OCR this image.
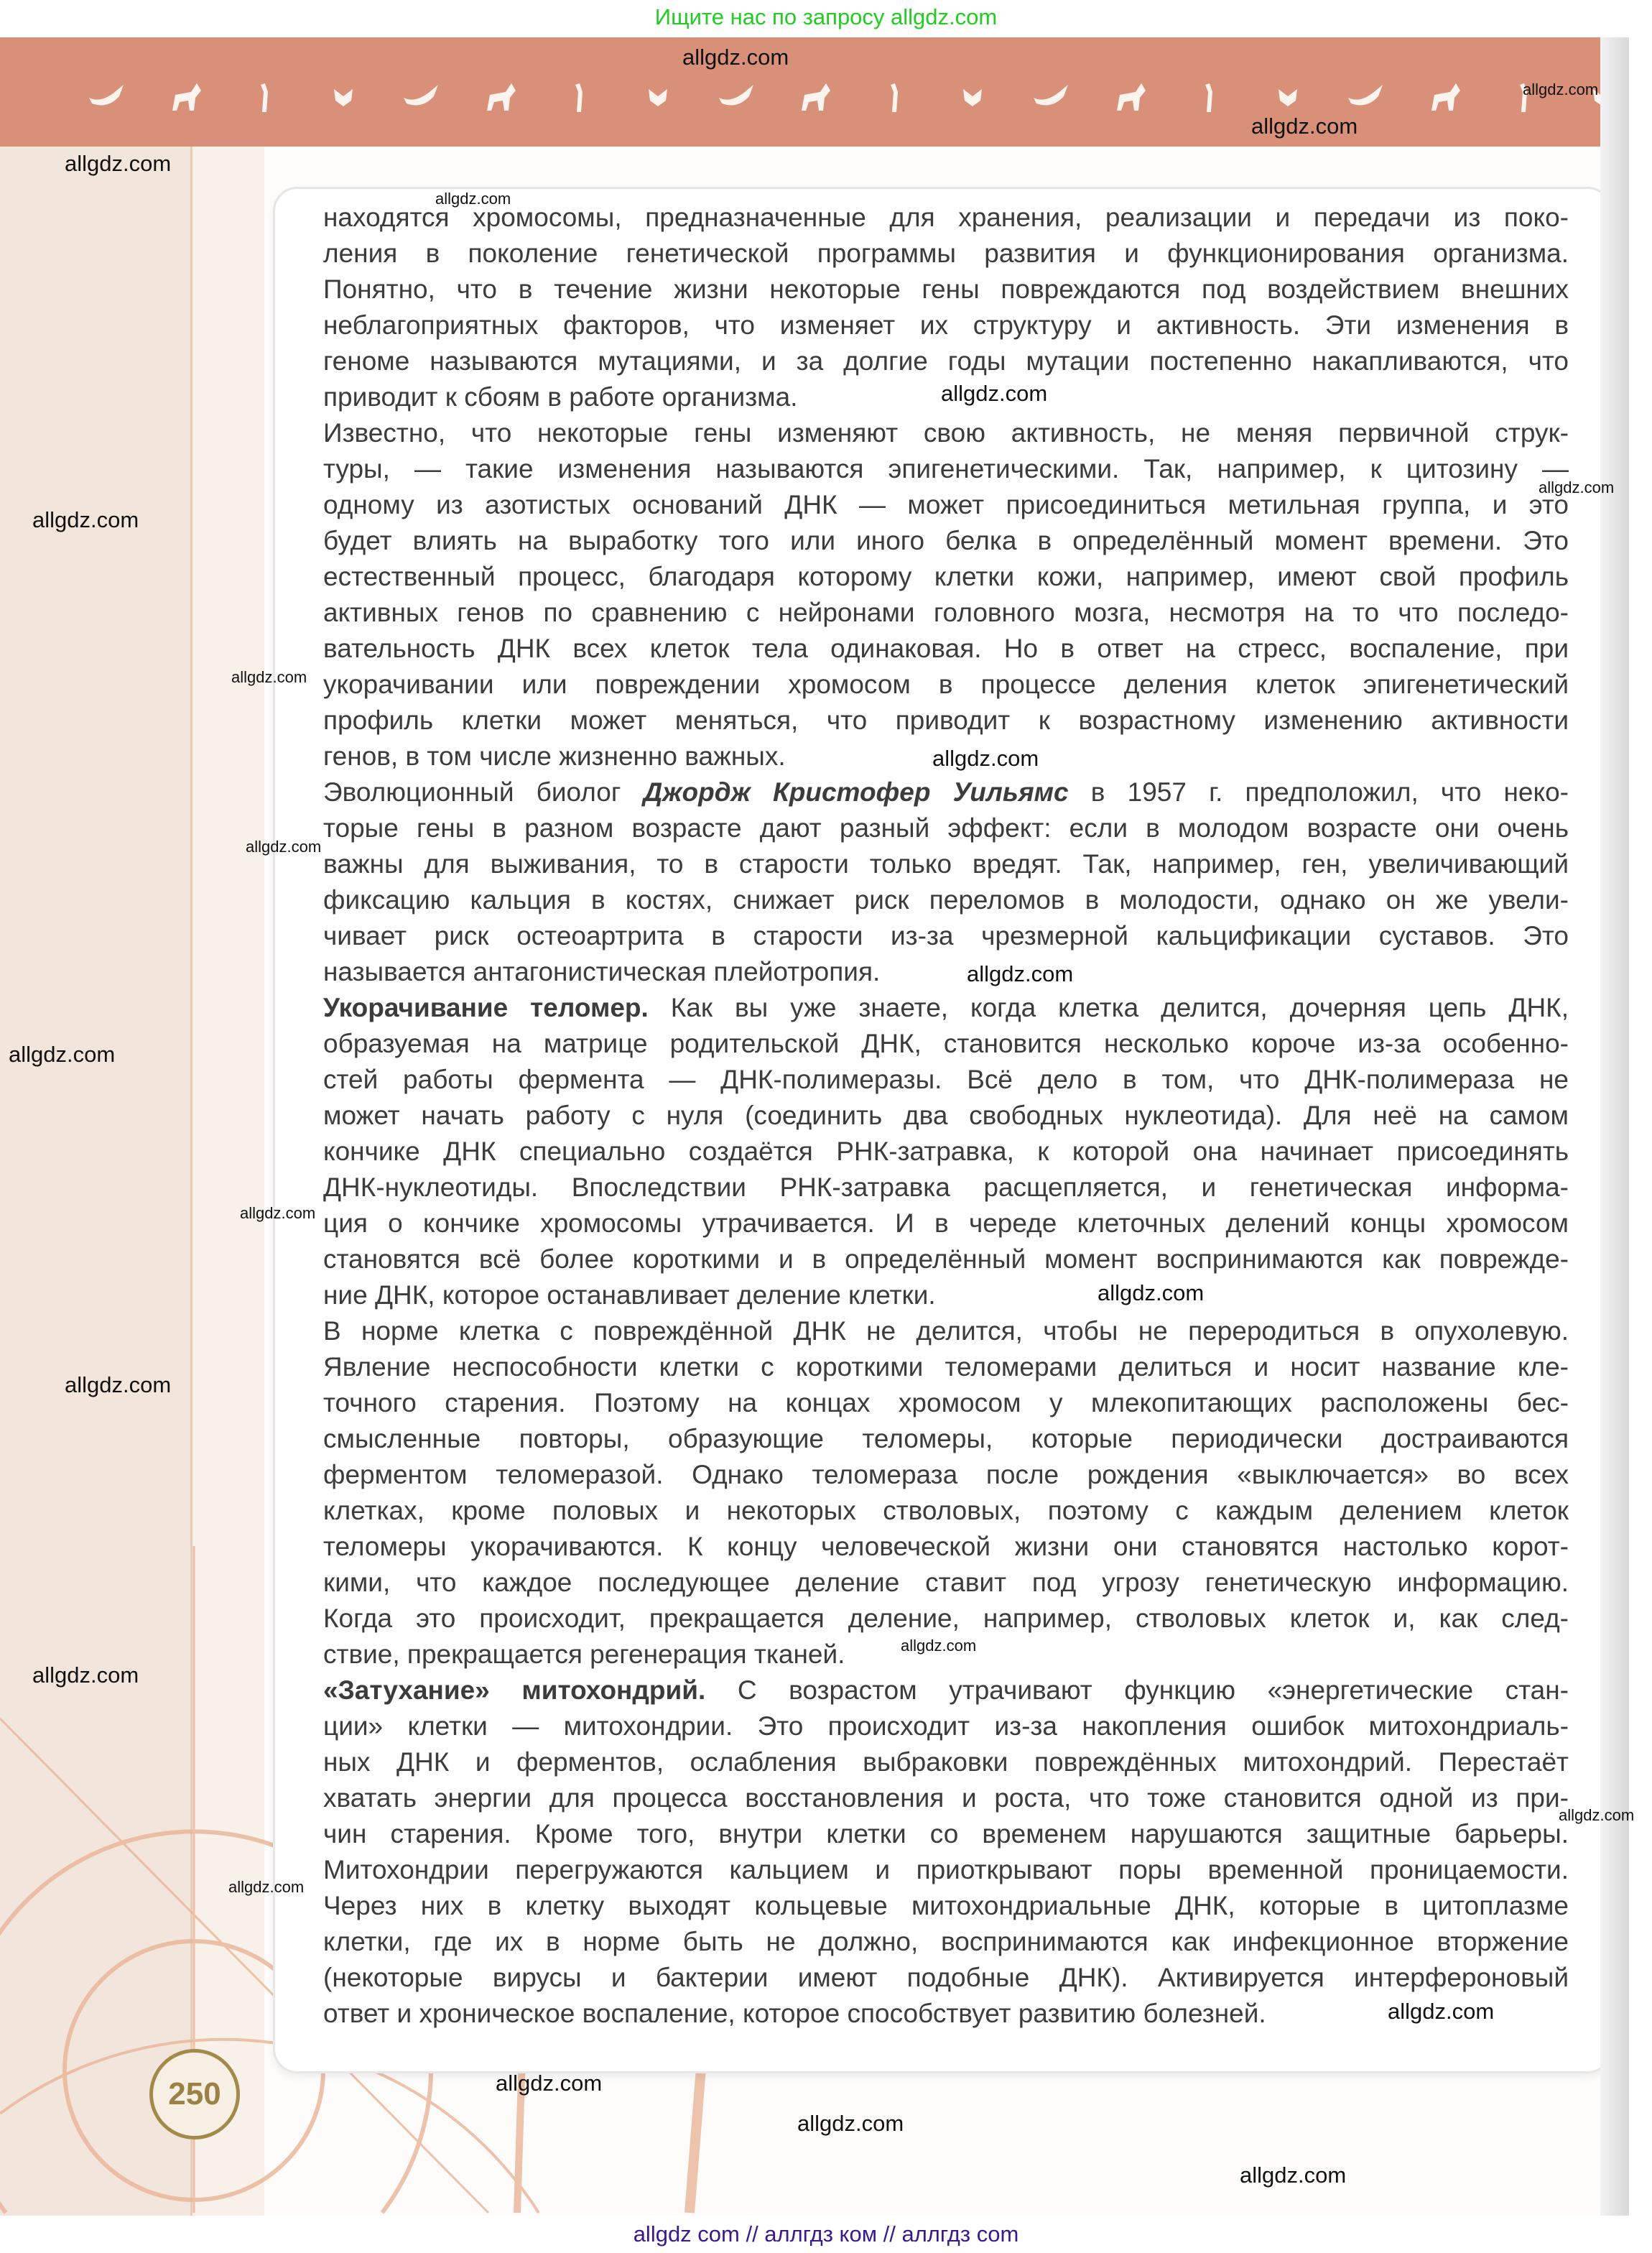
Ищите нас по запросу allgdz.com
находятся хромосомы, предназначенные для хранения, реализации и передачи из поко-
ления в поколение генетической программы развития и функционирования организма.
Понятно, что в течение жизни некоторые гены повреждаются под воздействием внешних
неблагоприятных факторов, что изменяет их структуру и активность. Эти изменения в
геноме называются мутациями, и за долгие годы мутации постепенно накапливаются, что
приводит к сбоям в работе организма.
Известно, что некоторые гены изменяют свою активность, не меняя первичной струк-
туры, — такие изменения называются эпигенетическими. Так, например, к цитозину —
одному из азотистых оснований ДНК — может присоединиться метильная группа, и это
будет влиять на выработку того или иного белка в определённый момент времени. Это
естественный процесс, благодаря которому клетки кожи, например, имеют свой профиль
активных генов по сравнению с нейронами головного мозга, несмотря на то что последо-
вательность ДНК всех клеток тела одинаковая. Но в ответ на стресс, воспаление, при
укорачивании или повреждении хромосом в процессе деления клеток эпигенетический
профиль клетки может меняться, что приводит к возрастному изменению активности
генов, в том числе жизненно важных.
Эволюционный биолог Джордж Кристофер Уильямс в 1957 г. предположил, что неко-
торые гены в разном возрасте дают разный эффект: если в молодом возрасте они очень
важны для выживания, то в старости только вредят. Так, например, ген, увеличивающий
фиксацию кальция в костях, снижает риск переломов в молодости, однако он же увели-
чивает риск остеоартрита в старости из-за чрезмерной кальцификации суставов. Это
называется антагонистическая плейотропия.
Укорачивание теломер. Как вы уже знаете, когда клетка делится, дочерняя цепь ДНК,
образуемая на матрице родительской ДНК, становится несколько короче из-за особенно-
стей работы фермента — ДНК-полимеразы. Всё дело в том, что ДНК-полимераза не
может начать работу с нуля (соединить два свободных нуклеотида). Для неё на самом
кончике ДНК специально создаётся РНК-затравка, к которой она начинает присоединять
ДНК-нуклеотиды. Впоследствии РНК-затравка расщепляется, и генетическая информа-
ция о кончике хромосомы утрачивается. И в череде клеточных делений концы хромосом
становятся всё более короткими и в определённый момент воспринимаются как поврежде-
ние ДНК, которое останавливает деление клетки.
В норме клетка с повреждённой ДНК не делится, чтобы не переродиться в опухолевую.
Явление неспособности клетки с короткими теломерами делиться и носит название кле-
точного старения. Поэтому на концах хромосом у млекопитающих расположены бес-
смысленные повторы, образующие теломеры, которые периодически достраиваются
ферментом теломеразой. Однако теломераза после рождения «выключается» во всех
клетках, кроме половых и некоторых стволовых, поэтому с каждым делением клеток
теломеры укорачиваются. К концу человеческой жизни они становятся настолько корот-
кими, что каждое последующее деление ставит под угрозу генетическую информацию.
Когда это происходит, прекращается деление, например, стволовых клеток и, как след-
ствие, прекращается регенерация тканей.
«Затухание» митохондрий. С возрастом утрачивают функцию «энергетические стан-
ции» клетки — митохондрии. Это происходит из-за накопления ошибок митохондриаль-
ных ДНК и ферментов, ослабления выбраковки повреждённых митохондрий. Перестаёт
хватать энергии для процесса восстановления и роста, что тоже становится одной из при-
чин старения. Кроме того, внутри клетки со временем нарушаются защитные барьеры.
Митохондрии перегружаются кальцием и приоткрывают поры временной проницаемости.
Через них в клетку выходят кольцевые митохондриальные ДНК, которые в цитоплазме
клетки, где их в норме быть не должно, воспринимаются как инфекционное вторжение
(некоторые вирусы и бактерии имеют подобные ДНК). Активируется интерфероновый
ответ и хроническое воспаление, которое способствует развитию болезней.
250
allgdz.com
allgdz.com
allgdz.com
allgdz.com
allgdz.com
allgdz.com
allgdz.com
allgdz.com
allgdz.com
allgdz.com
allgdz.com
allgdz.com
allgdz.com
allgdz.com
allgdz.com
allgdz.com
allgdz.com
allgdz.com
allgdz.com
allgdz.com
allgdz.com
allgdz.com
allgdz.com
allgdz.com
allgdz com // аллгдз ком // аллгдз com
